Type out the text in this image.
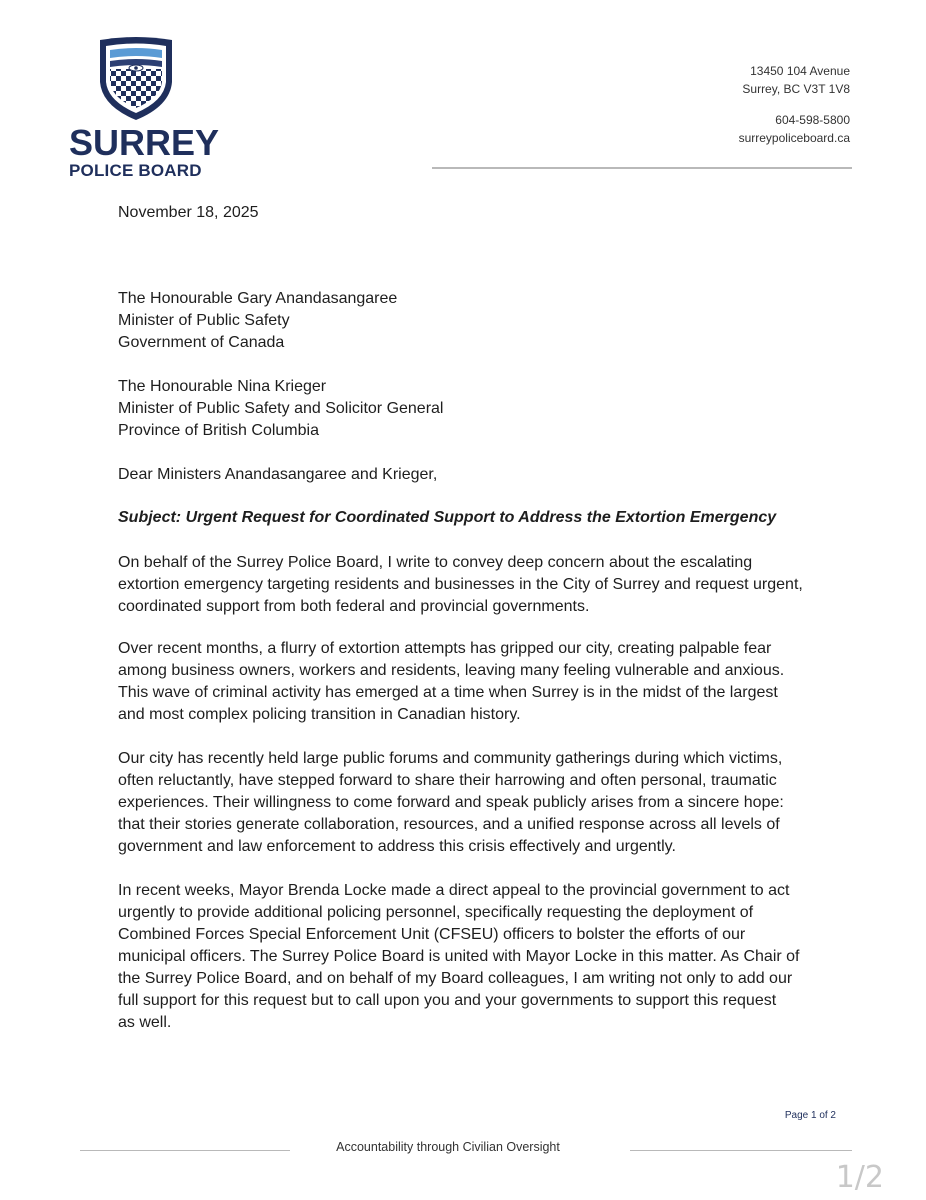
SURREY
POLICE BOARD
13450 104 Avenue
Surrey, BC V3T 1V8
604-598-5800
surreypoliceboard.ca
November 18, 2025
The Honourable Gary Anandasangaree
Minister of Public Safety
Government of Canada
The Honourable Nina Krieger
Minister of Public Safety and Solicitor General
Province of British Columbia
Dear Ministers Anandasangaree and Krieger,
Subject: Urgent Request for Coordinated Support to Address the Extortion Emergency
On behalf of the Surrey Police Board, I write to convey deep concern about the escalating
extortion emergency targeting residents and businesses in the City of Surrey and request urgent,
coordinated support from both federal and provincial governments.
Over recent months, a flurry of extortion attempts has gripped our city, creating palpable fear
among business owners, workers and residents, leaving many feeling vulnerable and anxious.
This wave of criminal activity has emerged at a time when Surrey is in the midst of the largest
and most complex policing transition in Canadian history.
Our city has recently held large public forums and community gatherings during which victims,
often reluctantly, have stepped forward to share their harrowing and often personal, traumatic
experiences. Their willingness to come forward and speak publicly arises from a sincere hope:
that their stories generate collaboration, resources, and a unified response across all levels of
government and law enforcement to address this crisis effectively and urgently.
In recent weeks, Mayor Brenda Locke made a direct appeal to the provincial government to act
urgently to provide additional policing personnel, specifically requesting the deployment of
Combined Forces Special Enforcement Unit (CFSEU) officers to bolster the efforts of our
municipal officers. The Surrey Police Board is united with Mayor Locke in this matter. As Chair of
the Surrey Police Board, and on behalf of my Board colleagues, I am writing not only to add our
full support for this request but to call upon you and your governments to support this request
as well.
Page 1 of 2
Accountability through Civilian Oversight
1/2
